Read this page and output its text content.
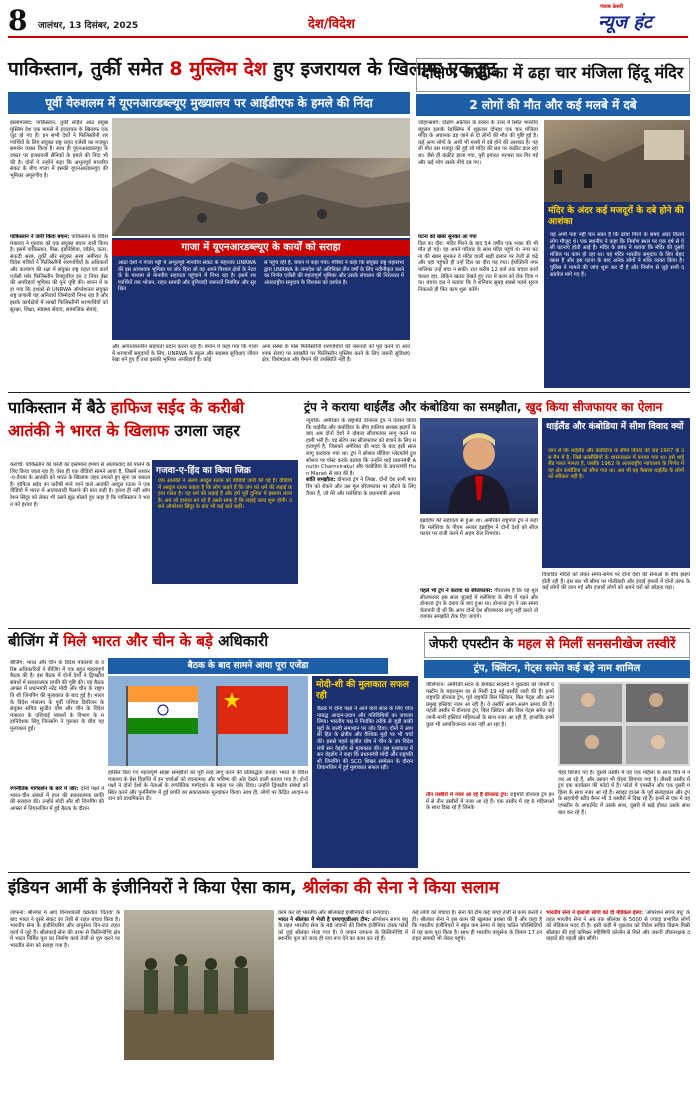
8	जालंधर, 13 दिसंबर, 2025	देश/विदेश
पंजाब केसरी
न्यूज हंट
पाकिस्तान, तुर्की समेत 8 मुस्लिम देश हुए इजरायल के खिलाफ एकजुट
पूर्वी येरुशलम में यूएनआरडब्ल्यूए मुख्यालय पर आईडीएफ के हमले की निंदा
इस्लामाबाद: पाकिस्तान, तुर्की सहित आठ प्रमुख मुस्लिम देश एक मामले में इजरायल के खिलाफ एकजुट हो गए हैं। इन सभी देशों ने फिलिस्तीनी शरणार्थियों के लिए संयुक्त राष्ट्र राहत एजेंसी का मजबूत समर्थन व्यक्त किया है। साथ ही यूएनआरडब्ल्यूए के दफ्तर पर इजरायली सैनिकों के हमले की निंदा भी की है। दोनों ने उन्होंने कहा कि अभूतपूर्व मानवीय संकट के बीच गाजा में इसकी यूएनआरडब्ल्यूए की भूमिका अपूरणीय है।
पाकिस्तान ने जारी किया बयान: पाकिस्तान के विदेश मंत्रालय ने गुरुवार को एक संयुक्त बयान जारी किया है। इसमें पाकिस्तान, मिस्र, इंडोनेशिया, जॉर्डन, कतर, सऊदी अरब, तुर्की और संयुक्त अरब अमीरात के विदेश मंत्रियों ने फिलिस्तीनी शरणार्थियों के अधिकारों और कल्याण की रक्षा में संयुक्त राष्ट्र राहत एवं कार्य एजेंसी फॉर फिलिस्तीन रिफ्यूजीज इन द नियर ईस्ट की अपरिहार्य भूमिका की पुनः पुष्टि की। बयान में कहा गया कि दशकों से UNRWA ऑपरेशनल संयुक्त राष्ट्र प्रणाली यह अनिवार्य जिम्मेदारी निभा रहा है और इसके कार्यक्षेत्रों में लाखों फिलिस्तीनी शरणार्थियों को सुरक्षा, शिक्षा, स्वास्थ्य सेवाएं, सामाजिक सेवाएं,
गाजा में यूएनआरडब्ल्यूए के कार्यों को सराहा
आठों देशों ने गाजा पट्टी में अभूतपूर्व मानवीय संकट के मद्देनजर UNRWA की इस आवश्यक भूमिका पर जोर दिया जो वह अपने विशाल क्षेत्रों के नेटवर्क के माध्यम से मानवीय सहायता पहुंचाने में निभा रहा है। इसमें शरणार्थियों तक भोजन, राहत सामग्री और बुनियादी जरूरतों नियमित और सुरक्षित
से पहुंच रही है, बयान में कहा गया। मंत्रियों ने कहा कि संयुक्त राष्ट्र महासभा द्वारा UNRWA के जनादेश को अतिरिक्त तीन वर्षों के लिए नवीनीकृत करने का निर्णय एजेंसी की महत्वपूर्ण भूमिका और उसके संचालन की निरंतरता में अंतरराष्ट्रीय समुदाय के विश्वास को दर्शाता है।
और आपातकालीन सहायता प्रदान करना रहा है। बयान में कहा गया कि गाजा में शरणार्थी समुदायों के लिए, UNRWA के स्कूल और स्वास्थ्य सुविधाएं जीवनरेखा बने हुए हैं तथा इसकी भूमिका अपरिहार्य है। कोई
अन्य संस्था के पास फिलिस्तीनी शरणार्थियों की जरूरतों को पूरा करने या आवश्यक सेवाएं पर समझौते पर फिलिस्तीन मुस्लिम करने के लिए जरूरी सुविधाएं क्षेत्र, विशेषज्ञता और पैमाने की उपस्थिति नहीं है।
दक्षिण अफ्रीका में ढहा चार मंजिला हिंदू मंदिर
2 लोगों की मौत और कई मलबे में दबे
जोहान्सबर्ग: दक्षिण अफ्रीका के डरबन के उत्तर में स्थित भारतीय बहुलय इलाके रेडक्लिफ में शुक्रवार दोपहर एक चार मंजिला मंदिर के अचानक ढह जाने से दो लोगों की मौत की पुष्टि हुई है। कई अन्य लोगों के अभी भी मलबे में दबे होने की आशंका है। पहली मौत उस मजदूर की हुई जो मंदिर की छत पर कंक्रीट डाल रहा था। जैसे ही कंक्रीट डाला गया, पूरी इमारत भरभरा कर गिर गई और कई लोग उसके नीचे दब गए।
घटना को खबर सुनकर आ गया
दिल का दौरा: मंदिर गिरने के बाद 54 वर्षीय एक भक्त की भी मौत हो गई। वह अपने परिवार के साथ मंदिर पहुंचे थे। नगर घटना की खबर सुनकर वे मंदिर वाली खड़ी ढलान पर तेजी से चढ़े और वहां पहुंचते ही उन्हें दिल का दौरा पड़ गया। ईथेक्विनी नगरपालिका उन्हें बचा न सकी। रात करीब 12 बजे तक बचाव कार्य चलता रहा, लेकिन खतरा देखते हुए रात में काम को रोक दिया गया। बचाव दल ने बताया कि वे शनिवार सुबह सबसे पहले सूरज निकलते ही फिर काम शुरू करेंगे।
मंदिर के अंदर कई मजदूरों के दबे होने की आशंका
यह अभी पता नहीं चल सका है कि ढांचा गिरने के समय अंदर कितने लोग मौजूद थे। एक स्थानीय ने कहा कि निर्माण स्थल पर एक वर्ष से ऐसी घटनाएं होती आई हैं। मंदिर के प्रबंध ने बताया कि मंदिर की दूसरी मंजिल पर काम हो रहा था। यह मंदिर भारतीय समुदाय के लिए बेहद खास है और इस घटना के बाद अनेक लोगों ने शोक व्यक्त किया है। पुलिस ने मामले की जांच शुरू कर दी है और निर्माण से जुड़े सभी दस्तावेज मांगे गए हैं।
पाकिस्तान में बैठे हाफिज सईद के करीबी
आतंकी ने भारत के खिलाफ उगला जहर
कराची: पाकिस्तान की धरती का इस्तेमाल हमेशा से आतंकवाद को पालने के लिए किया जाता रहा है। ऐसा ही एक वीडियो सामने आया है, जिसमें लश्कर-ए-तैयबा के आतंकी को भारत के खिलाफ जहर उगलते हुए सुना जा सकता है। हाफिज सईद का करीबी माने जाने वाले आतंकी अब्दुल रऊफ ने एक वीडियो में भारत में आतंकवादी फैलाने की बात कही है। इतना ही नहीं ऑपरेशन सिंदूर को लेकर भी उसने झूठ बोलते हुए कहा है कि पाकिस्तान ने भारत को हराया है।
गजवा-ए-हिंद का किया जिक्र
एक आतंकी ने अलग अब्दुल रऊफ को वीडियो जारी की गई है। वीडियो में अब्दुल रऊफ कहता है कि लोग कहते हैं कि जंग को धर्म की लड़ाई कहना गलत है। यह धर्म की लड़ाई है और हमें पूरी दुनिया में इस्लाम लाना है। अब जो हालात बन रहे हैं उससे साफ है कि लड़ाई जल्द शुरू होगी। उसने ऑपरेशन सिंदूर के बाद भी कई बातें कहीं।
ट्रंप ने कराया थाईलैंड और कंबोडिया का समझौता, खुद किया सीजफायर का ऐलान
न्यूयॉर्क: अमेरिका के राष्ट्रपति डोनाल्ड ट्रंप ने ऐलान किया कि थाईलैंड और कंबोडिया के बीच हालिया सशस्त्र झड़पों के बाद अब दोनों देशों ने दोबारा सीजफायर लागू करने पर हामी भरी है। यह सेटेप उस सीजफायर को बचाने के लिए महत्वपूर्ण है, जिसको अमेरिका की मदद के बाद इसी साल लागू करवाया गया था। ट्रंप ने सोशल मीडिया प्लेटफॉर्म ट्रुथ सोशल पर पोस्ट करके बताया कि उन्होंने थाई प्रधानमंत्री Anutin Charnvirakul और कंबोडिया के प्रधानमंत्री Hun Manet से बात की है।
शांति समझौता: डोनाल्ड ट्रंप ने लिखा, दोनों देश सभी फायरिंग को रोकने और उस मूल सीजफायर पर लौटने के लिए तैयार हैं, जो मेरे और मलेशिया के प्रधानमंत्री अनवर
इब्राहिम की सहायता से हुआ था। अमेरिकी राष्ट्रपति ट्रंप ने कहा कि मलेशिया के पीएम अनवर इब्राहिम ने दोनों देशों को सीजफायर पर राजी करने में अहम रोल निभाया।
पहले भी ट्रंप ने कराया था सीजफायर: गौरतलब है कि यह मूल सीजफायर इस साल जुलाई में मलेशिया के बीच में पड़ने और डोनाल्ड ट्रंप के दबाव के बाद हुआ था। डोनाल्ड ट्रंप ने उस समय चेतावनी दी थी कि अगर दोनों देश सीजफायर लागू नहीं करते तो व्यापार समझौते रोक दिए जाएंगे।
थाईलैंड और कंबोडिया में सीमा विवाद क्यों
जान लें कि थाईलैंड और कंबोडिया के सीमा विवाद की जड़ 1907 के उस मैप में है, जिसे फ्रांसीसियों के शासनकाल में बनाया गया था। इसे थाईलैंड गलत मानता है, जबकि 1962 के अंतरराष्ट्रीय न्यायालय के निर्णय में यह क्षेत्र कंबोडिया को सौंपा गया था। अब भी यह फैसला थाईलैंड के लोगों को स्वीकार नहीं है।
विवादित मंदिरों को लेकर समय-समय पर दोनों देशों की सेनाओं के बीच झड़पें होती रही हैं। इस बार भी सीमा पर गोलीबारी और हवाई हमलों में दोनों तरफ के कई लोगों की जान गई और हजारों लोगों को अपने घरों को छोड़ना पड़ा।
बीजिंग में मिले भारत और चीन के बड़े अधिकारी
बैठक के बाद सामने आया पूरा एजेंडा
बीजिंग: भारत और चीन के विदेश मंत्रालयों के वरिष्ठ अधिकारियों ने बीजिंग में एक बहुत महत्वपूर्ण बैठक की है। इस बैठक में दोनों देशों ने द्विपक्षीय संबंधों में सकारात्मक प्रगति की पुष्टि की। यह बैठक अगस्त में प्रधानमंत्री नरेंद्र मोदी और चीन के राष्ट्रपति शी जिनपिंग की मुलाकात के बाद हुई है। भारत के विदेश मंत्रालय के पूर्वी एशिया डिवीजन के संयुक्त सचिव सुजीत घोष और चीन के विदेश मंत्रालय के एशियाई मामलों के विभाग के महानिदेशक लियू जिनसोंग ने गुरुवार के बीच यह मुलाकात हुई।
रणनीतिक मार्गदर्शन के बारे में जोर: दोनों पक्षों ने भारत-चीन संबंधों में हाल की सकारात्मक प्रगति की सराहना की। उन्होंने मोदी और शी जिनपिंग की अगस्त में तियानजिन में हुई बैठक के दौरान
हासिल किए गए महत्वपूर्ण साझा समझौतों को पूरी तरह लागू करने की प्रतिबद्धता जताई। भारत के विदेश मंत्रालय के प्रेस विज्ञप्ति में इन चर्चाओं को रचनात्मक और भविष्य की ओर देखने वाली बताया गया है। दोनों पक्षों ने दोनों देशों के नेताओं के रणनीतिक मार्गदर्शन के महत्व पर जोर दिया। उन्होंने द्विपक्षीय संबंधों को स्थिर करने और पुनर्निर्माण में हुई प्रगति का सकारात्मक मूल्यांकन किया। साथ ही, लोगों पर केंद्रित आदान-प्रदान को प्राथमिकता दी।
मोदी-शी की मुलाकात सफल रही
बैठक में दोनों पक्षों ने आने वाले साल के लिए योजनाबद्ध आदान-प्रदान और गतिविधियों का जायजा लिया। भारतीय पक्ष ने नियंत्रित तरीके से जुड़ी बाकी मुद्दों के जल्दी समाधान पर जोर दिया। दोनों ने आपसी हित के क्षेत्रीय और वैश्विक मुद्दों पर भी चर्चा की। इससे पहले सुजीत घोष ने चीन के उप विदेश मंत्री सन वेइडोंग से मुलाकात की। इस मुलाकात में सन वेइडोंग ने कहा कि प्रधानमंत्री मोदी और राष्ट्रपति शी जिनपिंग की SCO शिखर सम्मेलन के दौरान तियानजिन में हुई मुलाकात सफल रही।
जेफरी एपस्टीन के महल से मिलीं सनसनीखेज तस्वीरें
ट्रंप, क्लिंटन, गेट्स समेत कई बड़े नाम शामिल
वॉशिंगटन: अमेरिकी सदन के डेमोक्रेट सदस्यों ने शुक्रवार को जेफरी एपस्टीन के महलनुमा घर से मिलीं 19 नई तस्वीरें जारी की हैं। इनमें राष्ट्रपति डोनाल्ड ट्रंप, पूर्व राष्ट्रपति बिल क्लिंटन, बिल गेट्स और अन्य प्रमुख हस्तियां नजर आ रही हैं। ये तस्वीरें अलग-अलग समय की हैं। पहली तस्वीर में डोनाल्ड ट्रंप, बिल क्लिंटन और बिल गेट्स समेत कई जानी-मानी हस्तियां महिलाओं के साथ नजर आ रही हैं, हालांकि इनमें कुछ भी आपत्तिजनक नजर नहीं आ रहा है।
तीन तस्वीरों में नजर आ रहे हैं डोनाल्ड ट्रंप: राष्ट्रपति डोनाल्ड ट्रंप इनमें से तीन तस्वीरों में नजर आ रहे हैं। एक तस्वीर में वह 6 महिलाओं के साथ दिख रहे हैं जिनके
चेहरे छिपाए गए हैं। दूसरी तस्वीर में वह एक महिला के साथ चित्र में नजर आ रहे हैं, और उसका भी चेहरा छिपाया गया है। तीसरी तस्वीर में ट्रंप एक कार्यक्रम की फोटो में हैं। फोटो में एपस्टीन और एक दूसरी महिला के साथ नजर आ रहे हैं। स्वाइट हाउस के पूर्व सलाहकार और ट्रंप के सहयोगी स्टीव बैनन भी 3 तस्वीरों में दिख रहे हैं। इनमें से एक में वह एपस्टीन के अपार्टमेंट में उसके साथ, दूसरी में खड़े होकर उसके साथ बात कर रहे हैं।
इंडियन आर्मी के इंजीनियरों ने किया ऐसा काम, श्रीलंका की सेना ने किया सलाम
जाफना: श्रीलंका में आए विनाशकारी चक्रवात 'दितवा' के बाद भारत ने दूसरे संकट का तेजी से राहत बचाव किया है। भारतीय सेना के इंजीनियरिंग और वायुसेना दिन-रात राहत कार्य में जुटे हैं। श्रीलंकाई सेना की तरफ से किलिनोच्चि क्षेत्र में भारत निर्मित पुल का निर्माण कार्य तेजी से पूरा करने पर भारतीय सेना को सराहा गया है।
काम कर रहे भारतीय और श्रीलंकाई इंजीनियरों को धन्यवाद।
भारत ने श्रीलंका में भेजी है एमएच्एडीआर टीम: ऑपरेशन सागर बंधु के तहत भारतीय सेना के 48 जवानों की विशेष इंजीनियर टास्क फोर्स को जुड़े श्रीलंका भेजा गया है। ये जवान जाफना के किलिनोच्चि में स्थानीय पुल को जल्द ही नया रूप देने का काम कर रहे हैं।
कई लोगों को बचाया है। सेना की टीम कई जगह तेजी से काम करती रही। श्रीलंका सेना ने इस काम की खुलकर प्रशंसा की है और कहा है कि भारतीय इंजीनियरों ने बहुत कम समय में बेहद कठिन परिस्थितियों में यह काम पूरा किया है। साथ ही भारतीय वायुसेना के विमान 17 टन राहत सामग्री भी लेकर पहुंचे।
भारतीय सेना ने इलाजों लोगों को दी मेडिकल हेल्प: 'ऑपरेशन सागर बंधु' के तहत भारतीय सेना ने अब तक श्रीलंका के 5000 से ज्यादा प्रभावित लोगों को मेडिकल मदद दी है। इसी कड़ी में शुक्रवार को विदेश सचिव विक्रम मिस्री श्रीलंका की हाई कमिश्नर महिषिणी कोलोन से मिले और जरूरी जीवनरक्षक दवाइयों की पहली खेप सौंपी।
